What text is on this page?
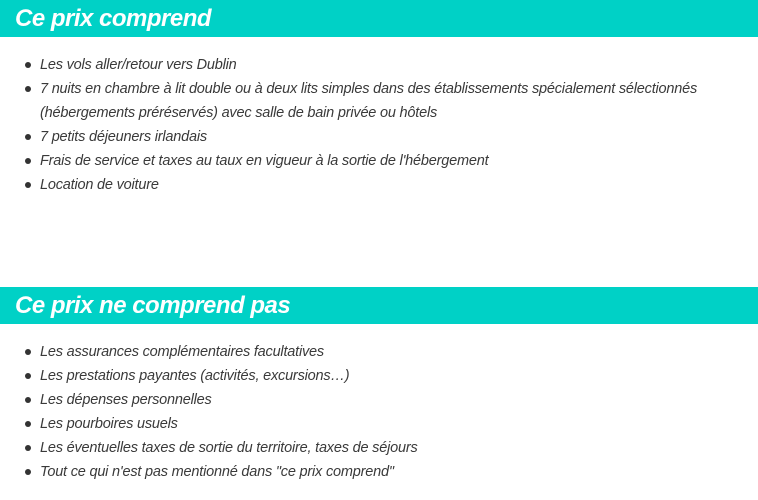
Ce prix comprend
Les vols aller/retour vers Dublin
7 nuits en chambre à lit double ou à deux lits simples dans des établissements spécialement sélectionnés (hébergements préréservés) avec salle de bain privée ou hôtels
7 petits déjeuners irlandais
Frais de service et taxes au taux en vigueur à la sortie de l'hébergement
Location de voiture
Ce prix ne comprend pas
Les assurances complémentaires facultatives
Les prestations payantes (activités, excursions…)
Les dépenses personnelles
Les pourboires usuels
Les éventuelles taxes de sortie du territoire, taxes de séjours
Tout ce qui n'est pas mentionné dans "ce prix comprend"
